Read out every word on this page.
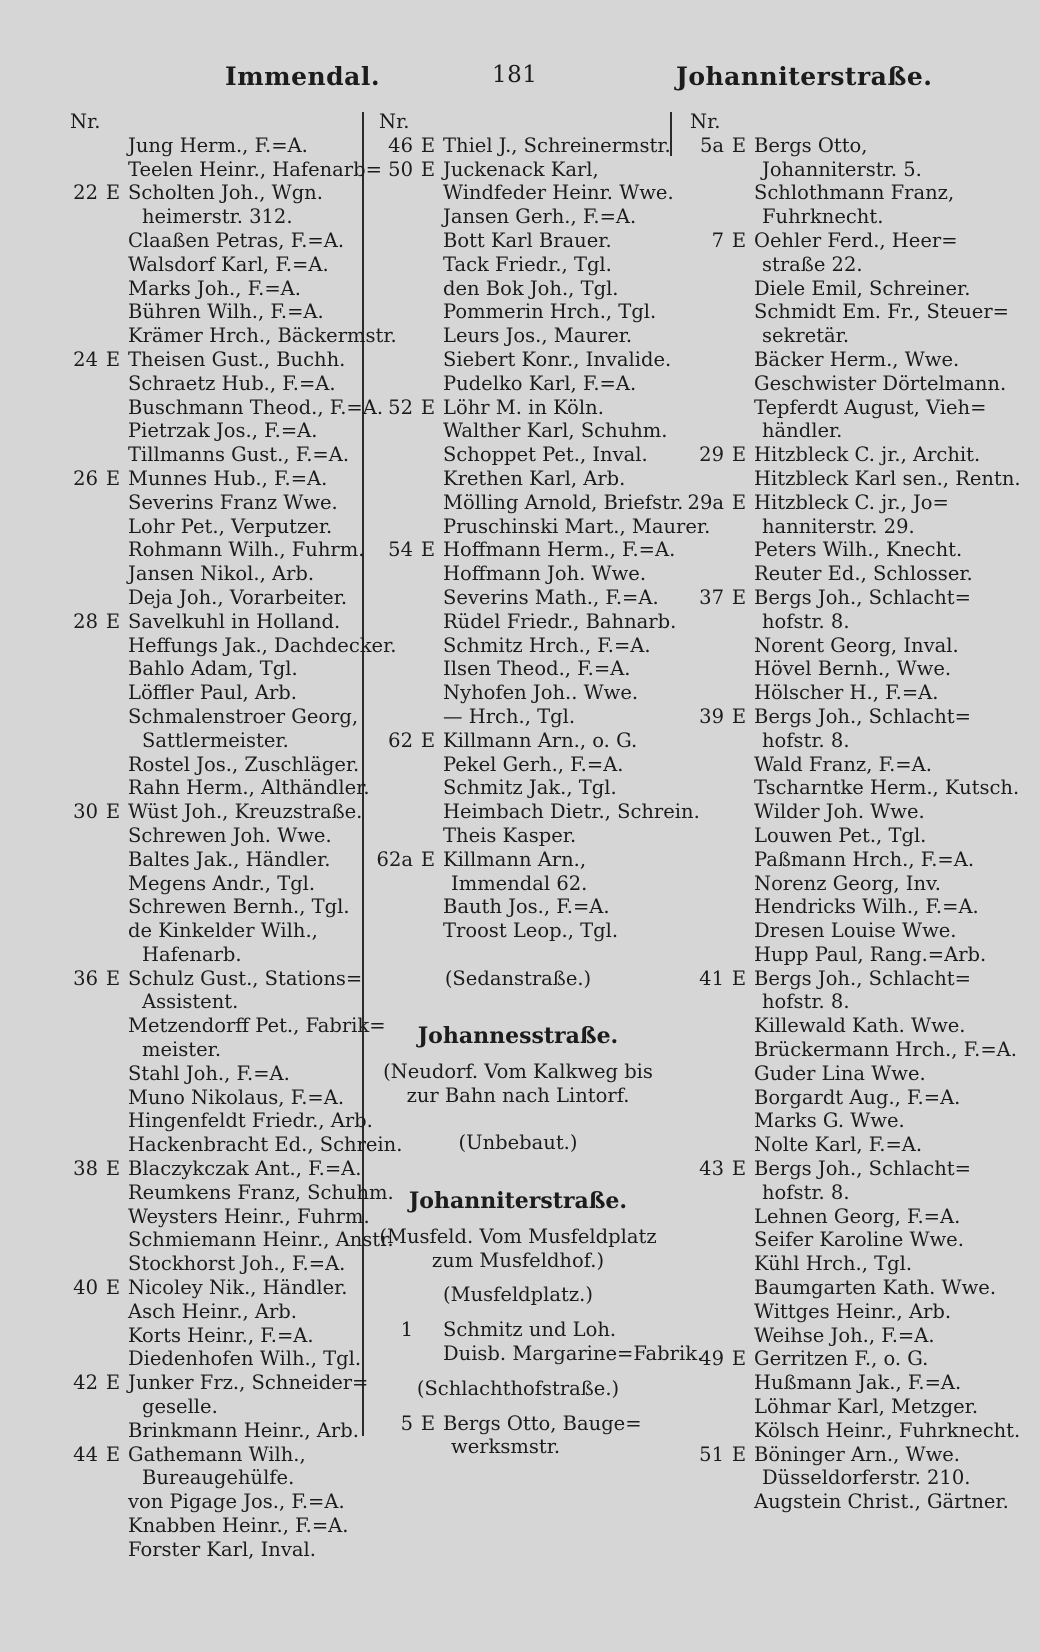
Immendal.	181	Johanniterstraße.
Nr.
Jung Herm., F.=A.
Teelen Heinr., Hafenarb=
22 E Scholten Joh., Wgn.
heimerstr. 312.
Claaßen Petras, F.=A.
Walsdorf Karl, F.=A.
Marks Joh., F.=A.
Bühren Wilh., F.=A.
Krämer Hrch., Bäckermstr.
24 E Theisen Gust., Buchh.
Schraetz Hub., F.=A.
Buschmann Theod., F.=A.
Pietrzak Jos., F.=A.
Tillmanns Gust., F.=A.
26 E Munnes Hub., F.=A.
Severins Franz Wwe.
Lohr Pet., Verputzer.
Rohmann Wilh., Fuhrm.
Jansen Nikol., Arb.
Deja Joh., Vorarbeiter.
28 E Savelkuhl in Holland.
Heffungs Jak., Dachdecker.
Bahlo Adam, Tgl.
Löffler Paul, Arb.
Schmalenstroer Georg,
Sattlermeister.
Rostel Jos., Zuschläger.
Rahn Herm., Althändler.
30 E Wüst Joh., Kreuzstraße.
Schrewen Joh. Wwe.
Baltes Jak., Händler.
Megens Andr., Tgl.
Schrewen Bernh., Tgl.
de Kinkelder Wilh.,
Hafenarb.
36 E Schulz Gust., Stations=
Assistent.
Metzendorff Pet., Fabrik=
meister.
Stahl Joh., F.=A.
Muno Nikolaus, F.=A.
Hingenfeldt Friedr., Arb.
Hackenbracht Ed., Schrein.
38 E Blaczykczak Ant., F.=A.
Reumkens Franz, Schuhm.
Weysters Heinr., Fuhrm.
Schmiemann Heinr., Anstr.
Stockhorst Joh., F.=A.
40 E Nicoley Nik., Händler.
Asch Heinr., Arb.
Korts Heinr., F.=A.
Diedenhofen Wilh., Tgl.
42 E Junker Frz., Schneider=
geselle.
Brinkmann Heinr., Arb.
44 E Gathemann Wilh.,
Bureaugehülfe.
von Pigage Jos., F.=A.
Knabben Heinr., F.=A.
Forster Karl, Inval.
Nr.
46 E Thiel J., Schreinermstr.
50 E Juckenack Karl,
Windfeder Heinr. Wwe.
Jansen Gerh., F.=A.
Bott Karl Brauer.
Tack Friedr., Tgl.
den Bok Joh., Tgl.
Pommerin Hrch., Tgl.
Leurs Jos., Maurer.
Siebert Konr., Invalide.
Pudelko Karl, F.=A.
52 E Löhr M. in Köln.
Walther Karl, Schuhm.
Schoppet Pet., Inval.
Krethen Karl, Arb.
Mölling Arnold, Briefstr.
Pruschinski Mart., Maurer.
54 E Hoffmann Herm., F.=A.
Hoffmann Joh. Wwe.
Severins Math., F.=A.
Rüdel Friedr., Bahnarb.
Schmitz Hrch., F.=A.
Ilsen Theod., F.=A.
Nyhofen Joh.. Wwe.
— Hrch., Tgl.
62 E Killmann Arn., o. G.
Pekel Gerh., F.=A.
Schmitz Jak., Tgl.
Heimbach Dietr., Schrein.
Theis Kasper.
62a E Killmann Arn.,
Immendal 62.
Bauth Jos., F.=A.
Troost Leop., Tgl.
(Sedanstraße.)
Johannesstraße.
(Neudorf. Vom Kalkweg bis
zur Bahn nach Lintorf.
(Unbebaut.)
Johanniterstraße.
(Musfeld. Vom Musfeldplatz
zum Musfeldhof.)
(Musfeldplatz.)
1 Schmitz und Loh.
Duisb. Margarine=Fabrik.
(Schlachthofstraße.)
5 E Bergs Otto, Bauge=
werksmstr.
Nr.
5a E Bergs Otto,
Johanniterstr. 5.
Schlothmann Franz,
Fuhrknecht.
7 E Oehler Ferd., Heer=
straße 22.
Diele Emil, Schreiner.
Schmidt Em. Fr., Steuer=
sekretär.
Bäcker Herm., Wwe.
Geschwister Dörtelmann.
Tepferdt August, Vieh=
händler.
29 E Hitzbleck C. jr., Archit.
Hitzbleck Karl sen., Rentn.
29a E Hitzbleck C. jr., Jo=
hanniterstr. 29.
Peters Wilh., Knecht.
Reuter Ed., Schlosser.
37 E Bergs Joh., Schlacht=
hofstr. 8.
Norent Georg, Inval.
Hövel Bernh., Wwe.
Hölscher H., F.=A.
39 E Bergs Joh., Schlacht=
hofstr. 8.
Wald Franz, F.=A.
Tscharntke Herm., Kutsch.
Wilder Joh. Wwe.
Louwen Pet., Tgl.
Paßmann Hrch., F.=A.
Norenz Georg, Inv.
Hendricks Wilh., F.=A.
Dresen Louise Wwe.
Hupp Paul, Rang.=Arb.
41 E Bergs Joh., Schlacht=
hofstr. 8.
Killewald Kath. Wwe.
Brückermann Hrch., F.=A.
Guder Lina Wwe.
Borgardt Aug., F.=A.
Marks G. Wwe.
Nolte Karl, F.=A.
43 E Bergs Joh., Schlacht=
hofstr. 8.
Lehnen Georg, F.=A.
Seifer Karoline Wwe.
Kühl Hrch., Tgl.
Baumgarten Kath. Wwe.
Wittges Heinr., Arb.
Weihse Joh., F.=A.
49 E Gerritzen F., o. G.
Hußmann Jak., F.=A.
Löhmar Karl, Metzger.
Kölsch Heinr., Fuhrknecht.
51 E Böninger Arn., Wwe.
Düsseldorferstr. 210.
Augstein Christ., Gärtner.
